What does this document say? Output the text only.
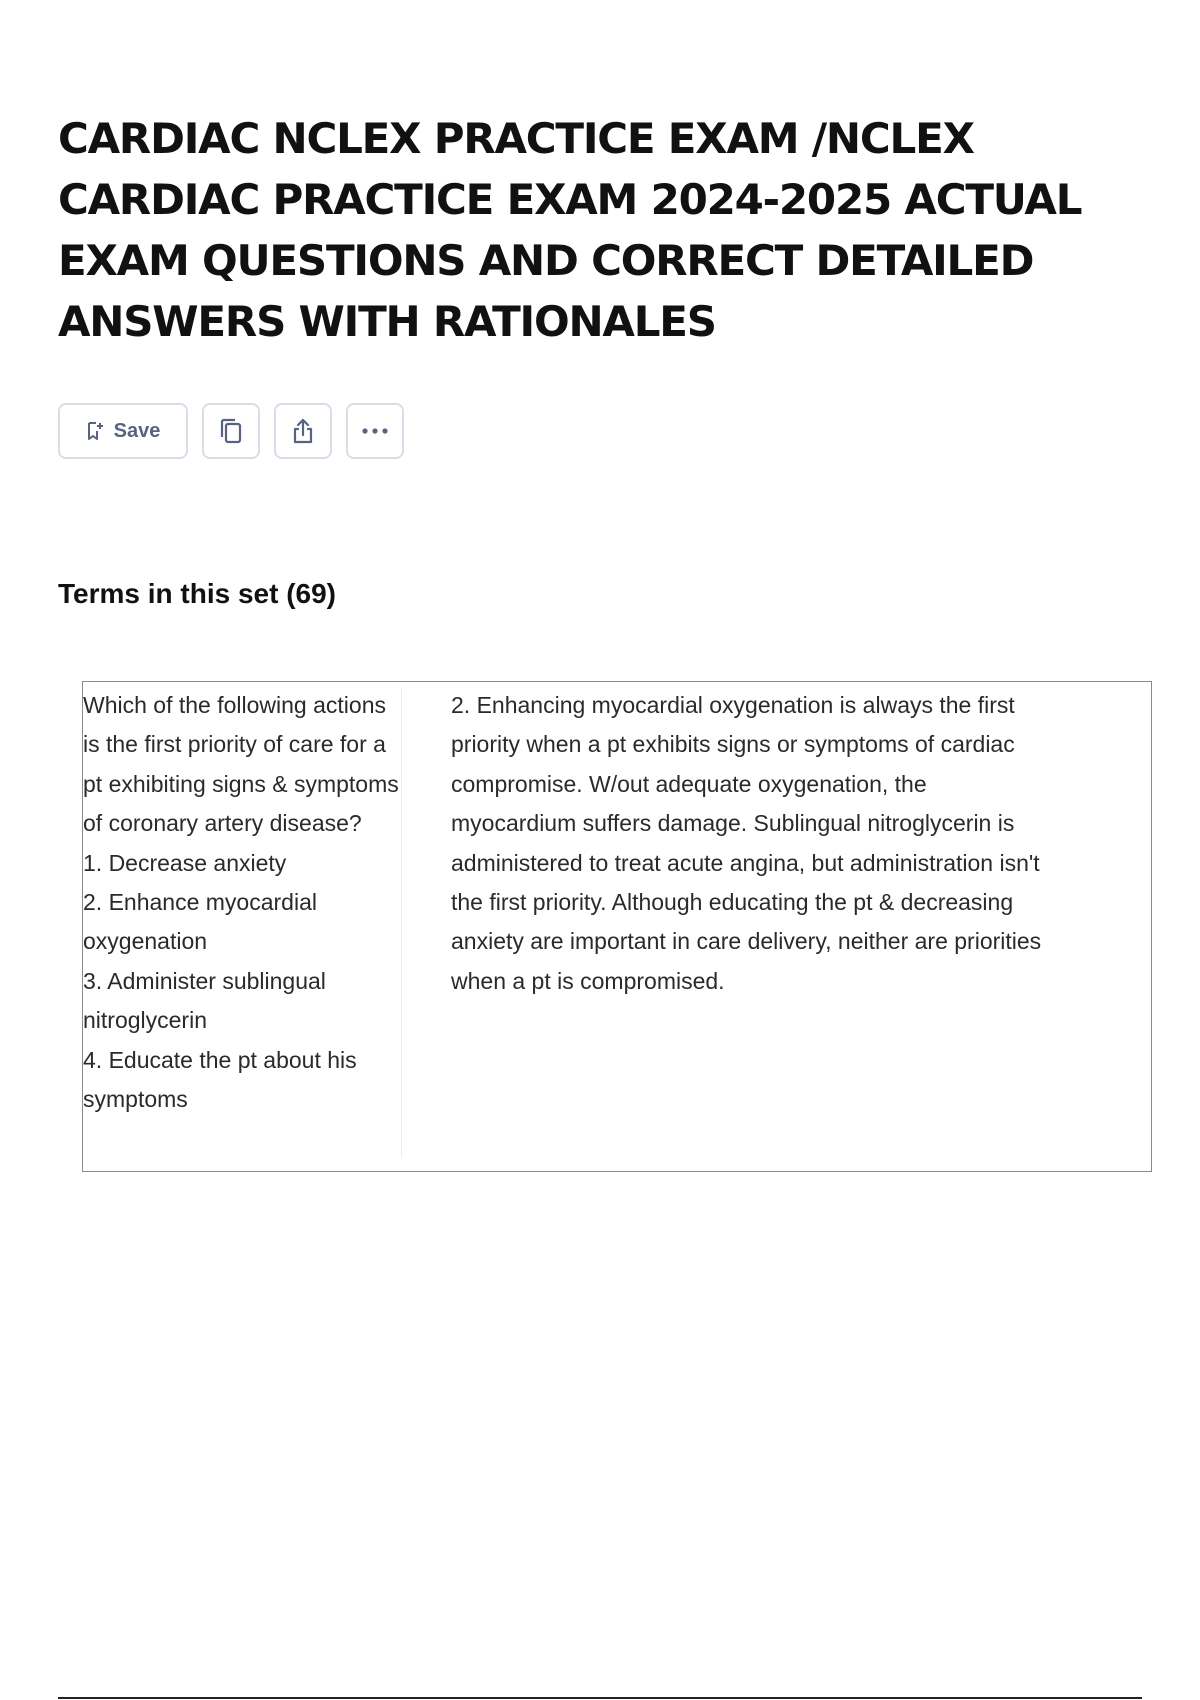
CARDIAC NCLEX PRACTICE EXAM /NCLEX CARDIAC PRACTICE EXAM 2024-2025 ACTUAL EXAM QUESTIONS AND CORRECT DETAILED ANSWERS WITH RATIONALES
Save
Terms in this set (69)
Which of the following actions is the first priority of care for a pt exhibiting signs & symptoms of coronary artery disease?
1. Decrease anxiety
2. Enhance myocardial oxygenation
3. Administer sublingual nitroglycerin
4. Educate the pt about his symptoms
2. Enhancing myocardial oxygenation is always the first priority when a pt exhibits signs or symptoms of cardiac compromise. W/out adequate oxygenation, the myocardium suffers damage. Sublingual nitroglycerin is administered to treat acute angina, but administration isn't the first priority. Although educating the pt & decreasing anxiety are important in care delivery, neither are priorities when a pt is compromised.
